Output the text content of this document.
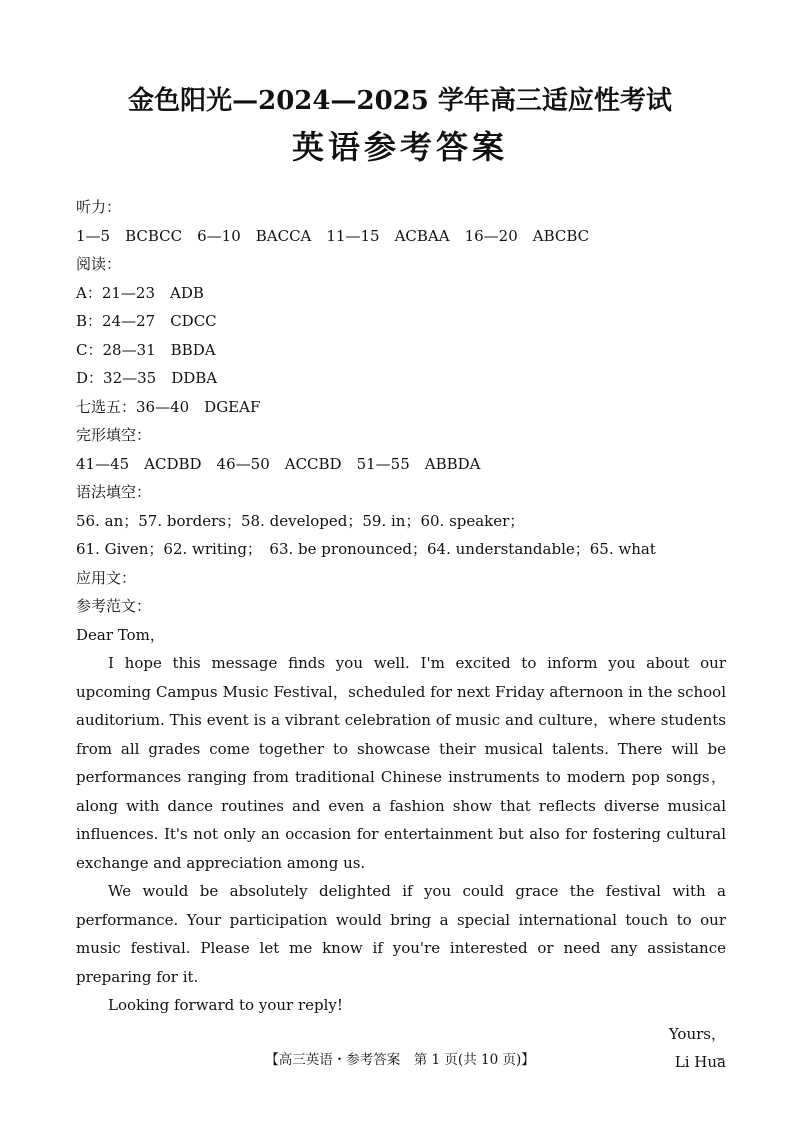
金色阳光—2024—2025 学年高三适应性考试
英语参考答案
听力：
1—5　BCBCC　6—10　BACCA　11—15　ACBAA　16—20　ABCBC
阅读：
A：21—23　ADB
B：24—27　CDCC
C：28—31　BBDA
D：32—35　DDBA
七选五：36—40　DGEAF
完形填空：
41—45　ACDBD　46—50　ACCBD　51—55　ABBDA
语法填空：
56. an；57. borders；58. developed；59. in；60. speaker；
61. Given；62. writing；　63. be pronounced；64. understandable；65. what
应用文：
参考范文：
Dear Tom，

I hope this message finds you well. I'm excited to inform you about our upcoming Campus Music Festival，scheduled for next Friday afternoon in the school auditorium. This event is a vibrant celebration of music and culture，where students from all grades come together to showcase their musical talents. There will be performances ranging from traditional Chinese instruments to modern pop songs，along with dance routines and even a fashion show that reflects diverse musical influences. It's not only an occasion for entertainment but also for fostering cultural exchange and appreciation among us.

We would be absolutely delighted if you could grace the festival with a performance. Your participation would bring a special international touch to our music festival. Please let me know if you're interested or need any assistance preparing for it.

Looking forward to your reply!

Yours，
Li Hua
【高三英语・参考答案　第 1 页(共 10 页)】
